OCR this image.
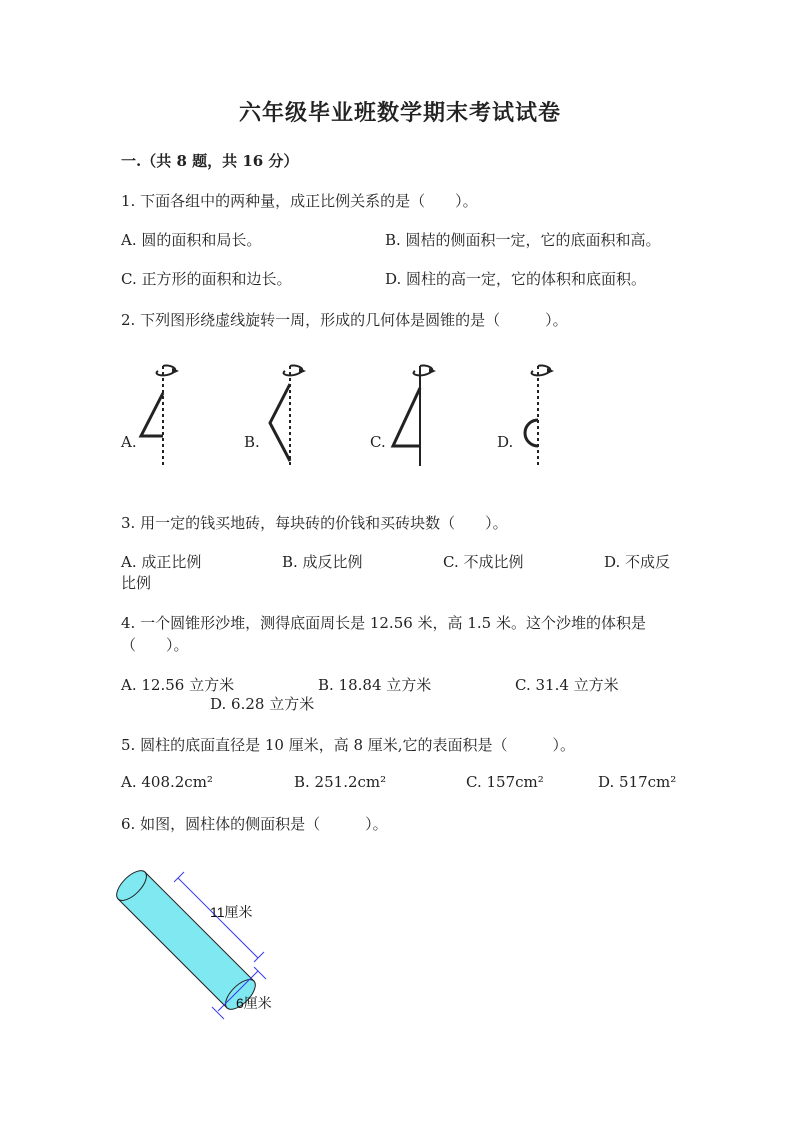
六年级毕业班数学期末考试试卷
一.（共 8 题，共 16 分）
1. 下面各组中的两种量，成正比例关系的是（　　）。
A. 圆的面积和局长。	B. 圆桔的侧面积一定，它的底面积和高。
C. 正方形的面积和边长。	D. 圆柱的高一定，它的体积和底面积。
2. 下列图形绕虚线旋转一周，形成的几何体是圆锥的是（　　　）。
A.	B.	C.	D.
3. 用一定的钱买地砖，每块砖的价钱和买砖块数（　　）。
A. 成正比例	B. 成反比例	C. 不成比例	D. 不成反
比例
4. 一个圆锥形沙堆，测得底面周长是 12.56 米，高 1.5 米。这个沙堆的体积是
（　　）。
A. 12.56 立方米	B. 18.84 立方米	C. 31.4 立方米
D. 6.28 立方米
5. 圆柱的底面直径是 10 厘米，高 8 厘米,它的表面积是（　　　）。
A. 408.2cm²	B. 251.2cm²	C. 157cm²	D. 517cm²
6. 如图，圆柱体的侧面积是（　　　）。
11厘米
6厘米
